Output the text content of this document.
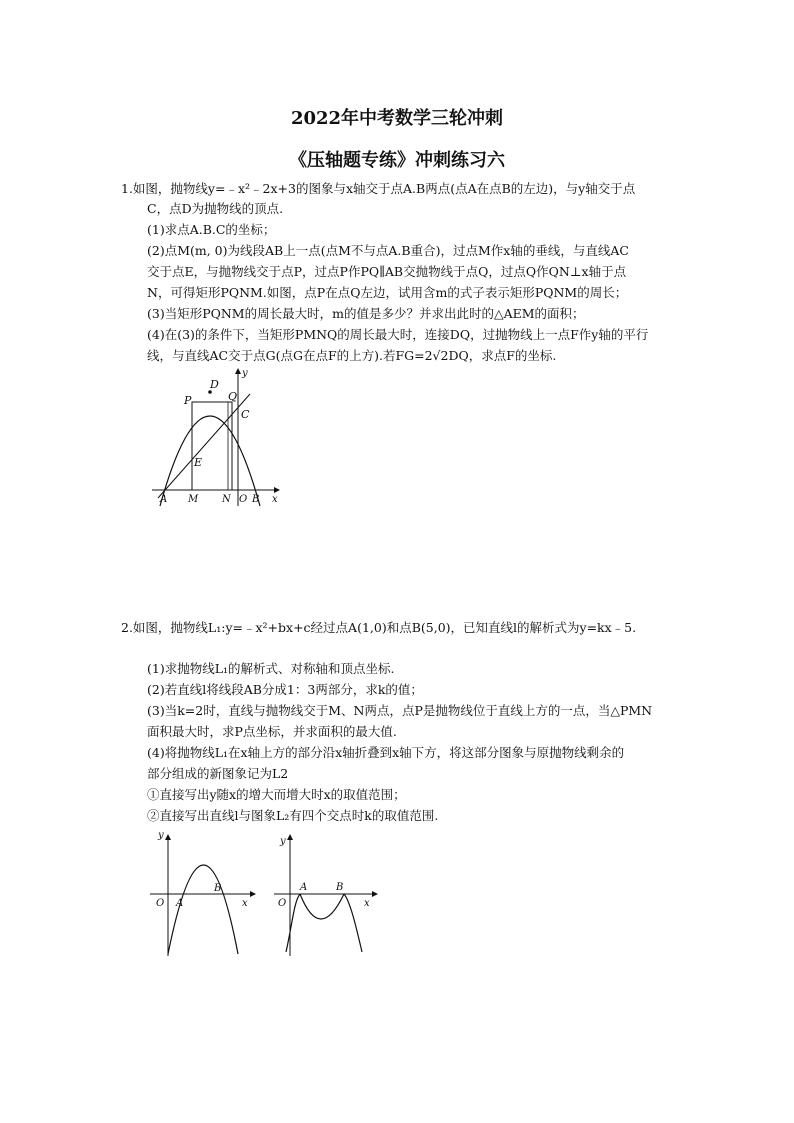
2022年中考数学三轮冲刺
《压轴题专练》冲刺练习六
1.如图，抛物线y=﹣x²﹣2x+3的图象与x轴交于点A.B两点(点A在点B的左边)，与y轴交于点
C，点D为抛物线的顶点.
(1)求点A.B.C的坐标；
(2)点M(m, 0)为线段AB上一点(点M不与点A.B重合)，过点M作x轴的垂线，与直线AC
交于点E，与抛物线交于点P，过点P作PQ∥AB交抛物线于点Q，过点Q作QN⊥x轴于点
N，可得矩形PQNM.如图，点P在点Q左边，试用含m的式子表示矩形PQNM的周长；
(3)当矩形PQNM的周长最大时，m的值是多少？并求出此时的△AEM的面积；
(4)在(3)的条件下，当矩形PMNQ的周长最大时，连接DQ，过抛物线上一点F作y轴的平行
线，与直线AC交于点G(点G在点F的上方).若FG=2√2DQ，求点F的坐标.
D
P	Q
C
E
A M N O B x
y
2.如图，抛物线L₁:y=﹣x²+bx+c经过点A(1,0)和点B(5,0)，已知直线l的解析式为y=kx﹣5.
(1)求抛物线L₁的解析式、对称轴和顶点坐标.
(2)若直线l将线段AB分成1：3两部分，求k的值；
(3)当k=2时，直线与抛物线交于M、N两点，点P是抛物线位于直线上方的一点，当△PMN
面积最大时，求P点坐标，并求面积的最大值.
(4)将抛物线L₁在x轴上方的部分沿x轴折叠到x轴下方，将这部分图象与原抛物线剩余的
部分组成的新图象记为L2
①直接写出y随x的增大而增大时x的取值范围；
②直接写出直线l与图象L₂有四个交点时k的取值范围.
y
O A
B
x
y
O
A	B
x
